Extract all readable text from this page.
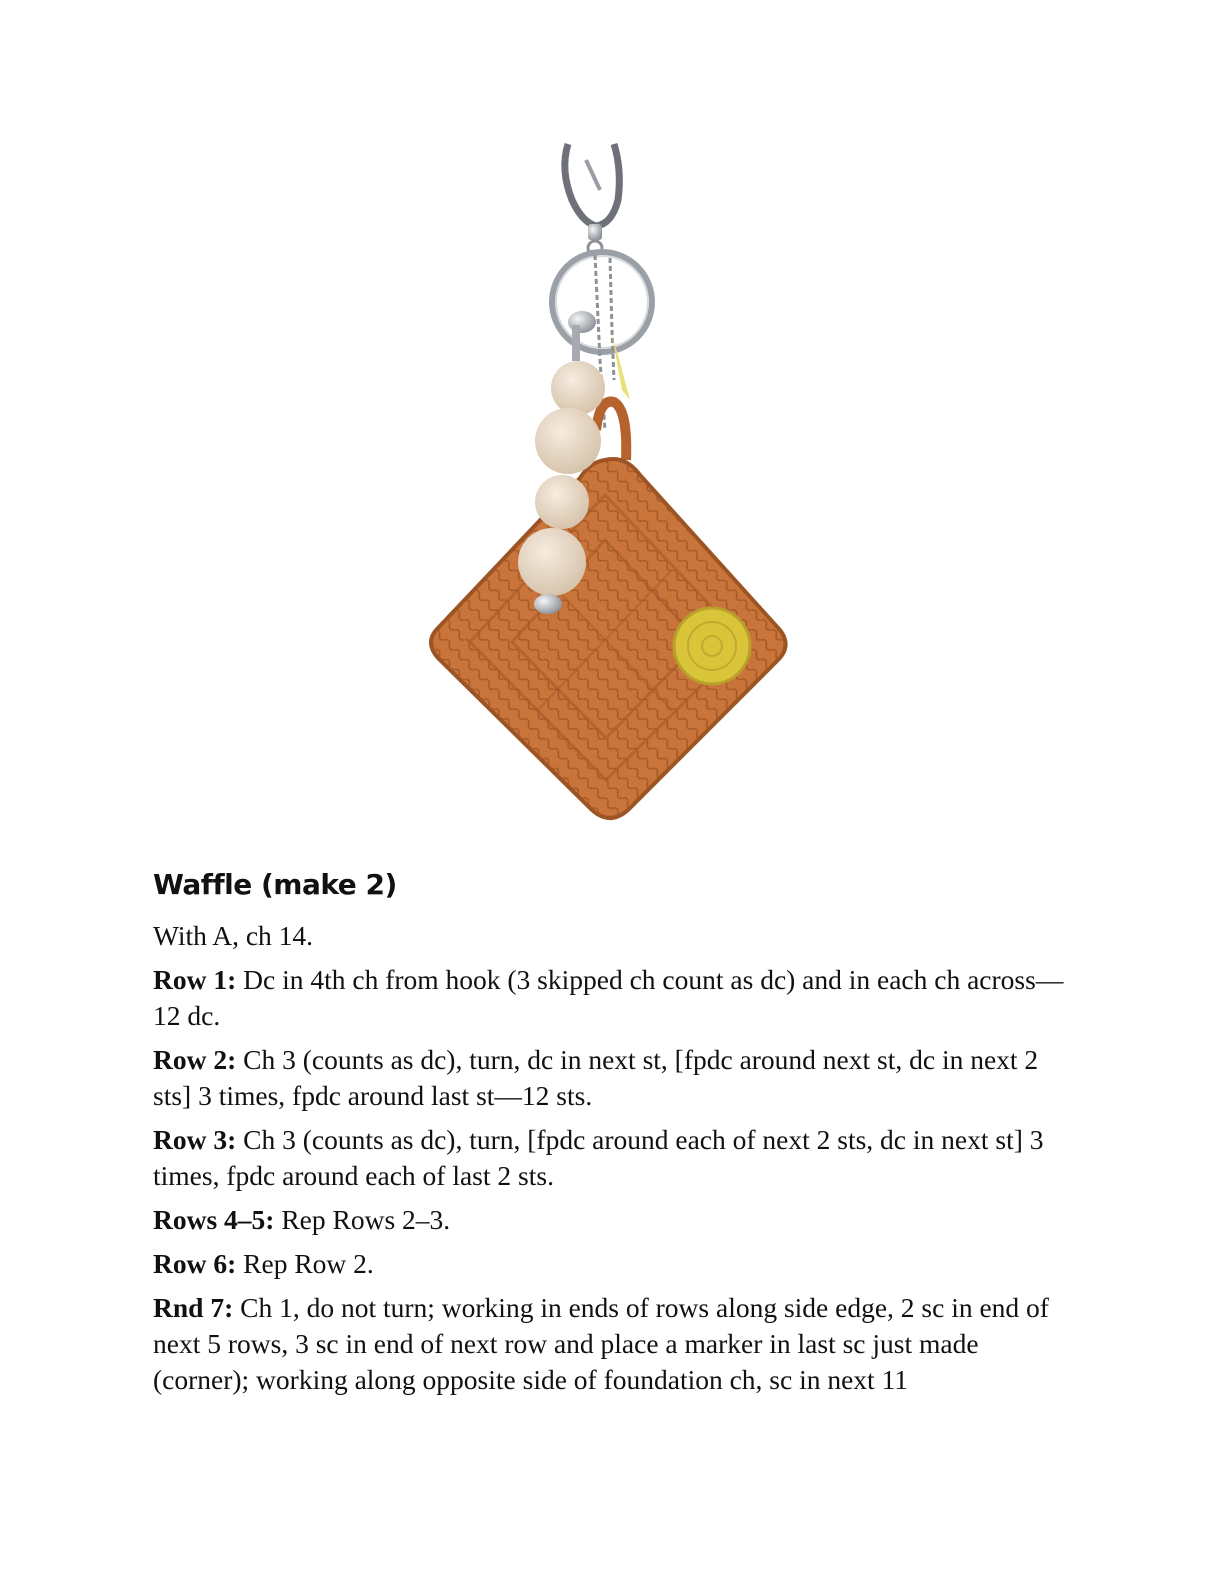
Waffle (make 2)

With A, ch 14.

Row 1: Dc in 4th ch from hook (3 skipped ch count as dc) and in each ch across—12 dc.

Row 2: Ch 3 (counts as dc), turn, dc in next st, [fpdc around next st, dc in next 2 sts] 3 times, fpdc around last st—12 sts.

Row 3: Ch 3 (counts as dc), turn, [fpdc around each of next 2 sts, dc in next st] 3 times, fpdc around each of last 2 sts.

Rows 4–5: Rep Rows 2–3.

Row 6: Rep Row 2.

Rnd 7: Ch 1, do not turn; working in ends of rows along side edge, 2 sc in end of next 5 rows, 3 sc in end of next row and place a marker in last sc just made (corner); working along opposite side of foundation ch, sc in next 11
